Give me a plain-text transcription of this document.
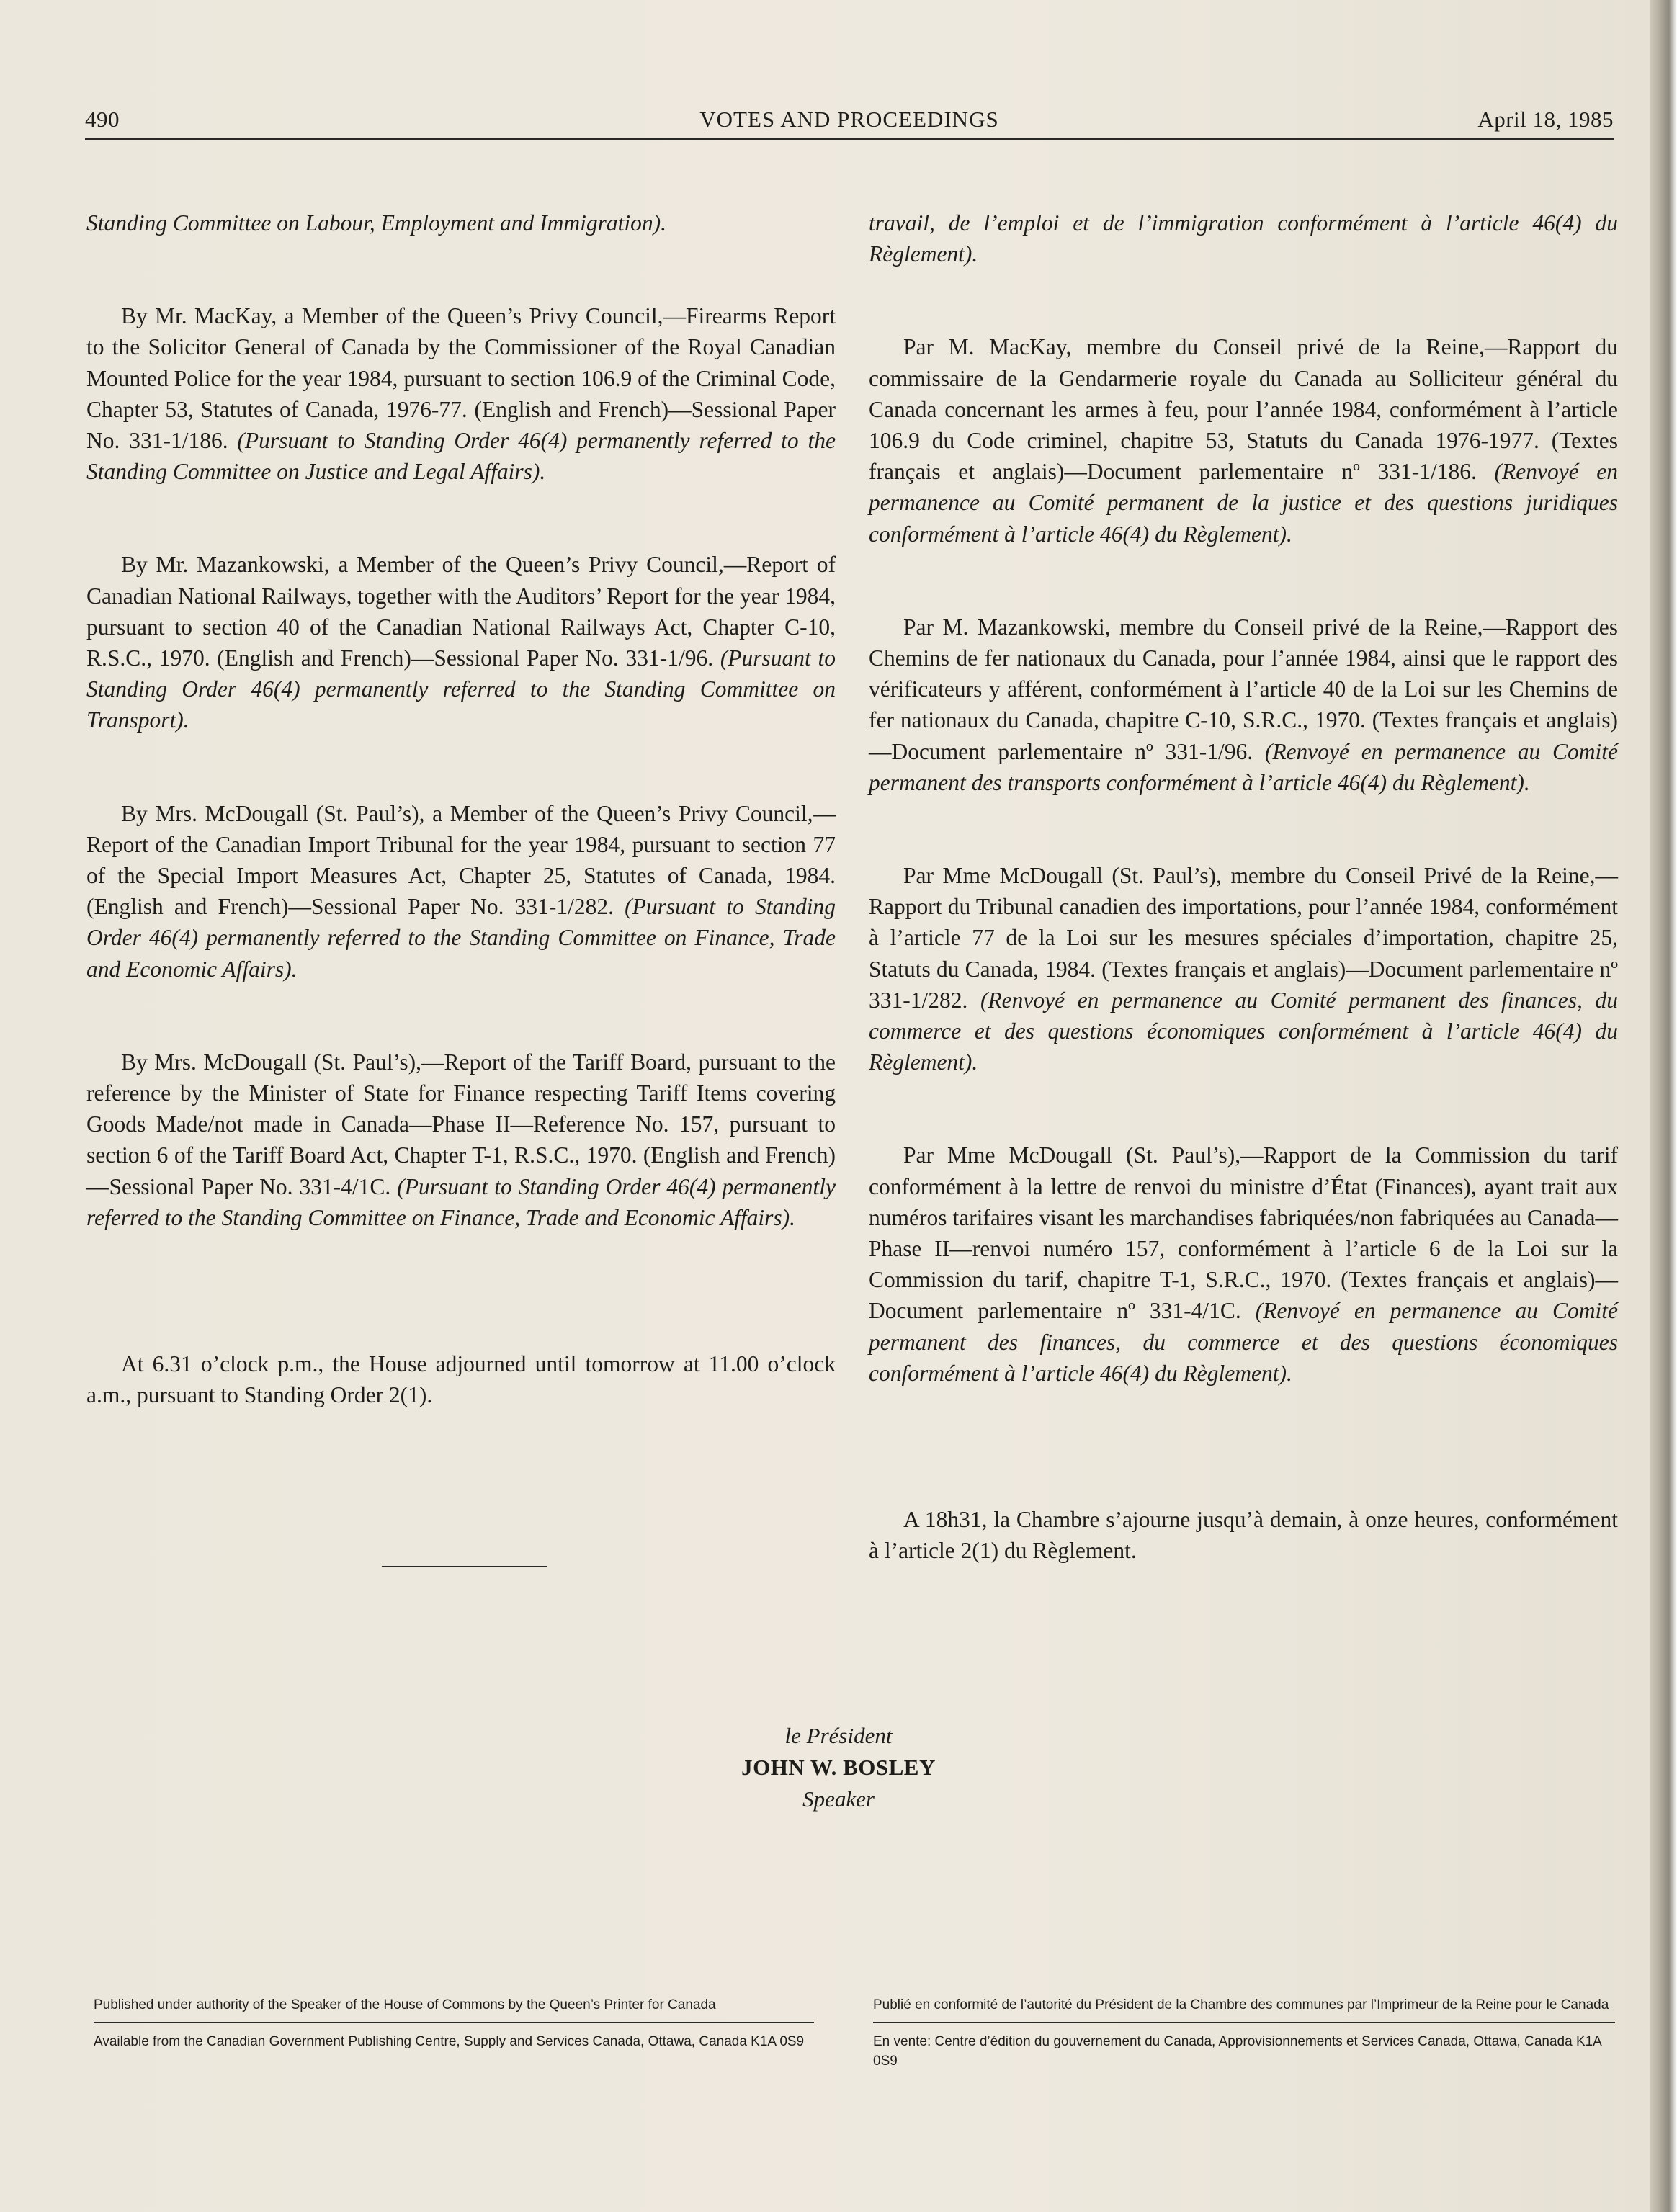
490	VOTES AND PROCEEDINGS	April 18, 1985

Standing Committee on Labour, Employment and Immigration).

By Mr. MacKay, a Member of the Queen’s Privy Council,—Firearms Report to the Solicitor General of Canada by the Commissioner of the Royal Canadian Mounted Police for the year 1984, pursuant to section 106.9 of the Criminal Code, Chapter 53, Statutes of Canada, 1976-77. (English and French)—Sessional Paper No. 331-1/186. (Pursuant to Standing Order 46(4) permanently referred to the Standing Committee on Justice and Legal Affairs).

By Mr. Mazankowski, a Member of the Queen’s Privy Council,—Report of Canadian National Railways, together with the Auditors’ Report for the year 1984, pursuant to section 40 of the Canadian National Railways Act, Chapter C-10, R.S.C., 1970. (English and French)—Sessional Paper No. 331-1/96. (Pursuant to Standing Order 46(4) permanently referred to the Standing Committee on Transport).

By Mrs. McDougall (St. Paul’s), a Member of the Queen’s Privy Council,—Report of the Canadian Import Tribunal for the year 1984, pursuant to section 77 of the Special Import Measures Act, Chapter 25, Statutes of Canada, 1984. (English and French)—Sessional Paper No. 331-1/282. (Pursuant to Standing Order 46(4) permanently referred to the Standing Committee on Finance, Trade and Economic Affairs).

By Mrs. McDougall (St. Paul’s),—Report of the Tariff Board, pursuant to the reference by the Minister of State for Finance respecting Tariff Items covering Goods Made/not made in Canada—Phase II—Reference No. 157, pursuant to section 6 of the Tariff Board Act, Chapter T-1, R.S.C., 1970. (English and French)—Sessional Paper No. 331-4/1C. (Pursuant to Standing Order 46(4) permanently referred to the Standing Committee on Finance, Trade and Economic Affairs).

At 6.31 o’clock p.m., the House adjourned until tomorrow at 11.00 o’clock a.m., pursuant to Standing Order 2(1).

travail, de l’emploi et de l’immigration conformément à l’article 46(4) du Règlement).

Par M. MacKay, membre du Conseil privé de la Reine,—Rapport du commissaire de la Gendarmerie royale du Canada au Solliciteur général du Canada concernant les armes à feu, pour l’année 1984, conformément à l’article 106.9 du Code criminel, chapitre 53, Statuts du Canada 1976-1977. (Textes français et anglais)—Document parlementaire nº 331-1/186. (Renvoyé en permanence au Comité permanent de la justice et des questions juridiques conformément à l’article 46(4) du Règlement).

Par M. Mazankowski, membre du Conseil privé de la Reine,—Rapport des Chemins de fer nationaux du Canada, pour l’année 1984, ainsi que le rapport des vérificateurs y afférent, conformément à l’article 40 de la Loi sur les Chemins de fer nationaux du Canada, chapitre C-10, S.R.C., 1970. (Textes français et anglais)—Document parlementaire nº 331-1/96. (Renvoyé en permanence au Comité permanent des transports conformément à l’article 46(4) du Règlement).

Par Mme McDougall (St. Paul’s), membre du Conseil Privé de la Reine,—Rapport du Tribunal canadien des importations, pour l’année 1984, conformément à l’article 77 de la Loi sur les mesures spéciales d’importation, chapitre 25, Statuts du Canada, 1984. (Textes français et anglais)—Document parlementaire nº 331-1/282. (Renvoyé en permanence au Comité permanent des finances, du commerce et des questions économiques conformément à l’article 46(4) du Règlement).

Par Mme McDougall (St. Paul’s),—Rapport de la Commission du tarif conformément à la lettre de renvoi du ministre d’État (Finances), ayant trait aux numéros tarifaires visant les marchandises fabriquées/non fabriquées au Canada—Phase II—renvoi numéro 157, conformément à l’article 6 de la Loi sur la Commission du tarif, chapitre T-1, S.R.C., 1970. (Textes français et anglais)—Document parlementaire nº 331-4/1C. (Renvoyé en permanence au Comité permanent des finances, du commerce et des questions économiques conformément à l’article 46(4) du Règlement).

A 18h31, la Chambre s’ajourne jusqu’à demain, à onze heures, conformément à l’article 2(1) du Règlement.

le Président
JOHN W. BOSLEY
Speaker
Published under authority of the Speaker of the House of Commons by the Queen’s Printer for Canada
Available from the Canadian Government Publishing Centre, Supply and Services Canada, Ottawa, Canada K1A 0S9
Publié en conformité de l’autorité du Président de la Chambre des communes par l’Imprimeur de la Reine pour le Canada
En vente: Centre d’édition du gouvernement du Canada, Approvisionnements et Services Canada, Ottawa, Canada K1A 0S9
